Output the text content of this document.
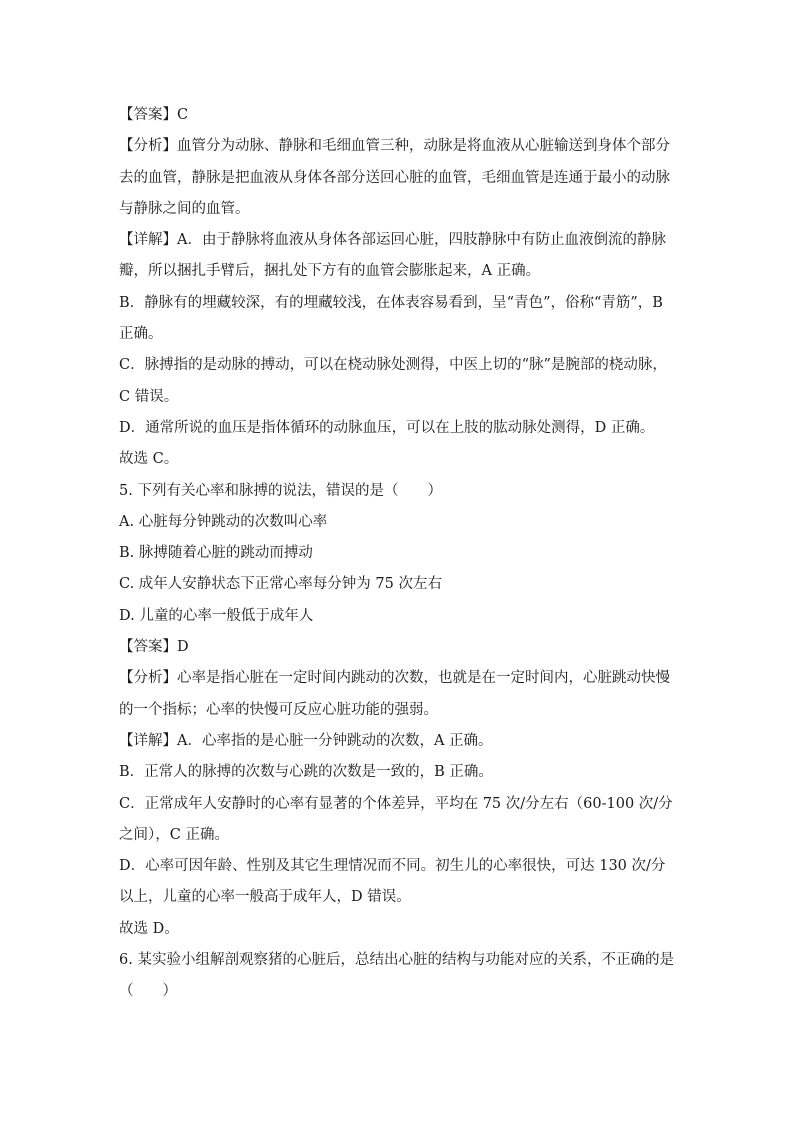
【答案】C

【分析】血管分为动脉、静脉和毛细血管三种，动脉是将血液从心脏输送到身体个部分去的血管，静脉是把血液从身体各部分送回心脏的血管，毛细血管是连通于最小的动脉与静脉之间的血管。

【详解】A．由于静脉将血液从身体各部运回心脏，四肢静脉中有防止血液倒流的静脉瓣，所以捆扎手臂后，捆扎处下方有的血管会膨胀起来，A 正确。

B．静脉有的埋藏较深，有的埋藏较浅，在体表容易看到，呈“青色”，俗称“青筋”，B 正确。

C．脉搏指的是动脉的搏动，可以在桡动脉处测得，中医上切的“脉”是腕部的桡动脉，C 错误。

D．通常所说的血压是指体循环的动脉血压，可以在上肢的肱动脉处测得，D 正确。

故选 C。

5. 下列有关心率和脉搏的说法，错误的是（　　）

A. 心脏每分钟跳动的次数叫心率

B. 脉搏随着心脏的跳动而搏动

C. 成年人安静状态下正常心率每分钟为 75 次左右

D. 儿童的心率一般低于成年人

【答案】D

【分析】心率是指心脏在一定时间内跳动的次数，也就是在一定时间内，心脏跳动快慢的一个指标；心率的快慢可反应心脏功能的强弱。

【详解】A．心率指的是心脏一分钟跳动的次数，A 正确。

B．正常人的脉搏的次数与心跳的次数是一致的，B 正确。

C．正常成年人安静时的心率有显著的个体差异，平均在 75 次/分左右（60-100 次/分之间），C 正确。

D．心率可因年龄、性别及其它生理情况而不同。初生儿的心率很快，可达 130 次/分以上，儿童的心率一般高于成年人，D 错误。

故选 D。

6. 某实验小组解剖观察猪的心脏后，总结出心脏的结构与功能对应的关系，不正确的是

（　　）
